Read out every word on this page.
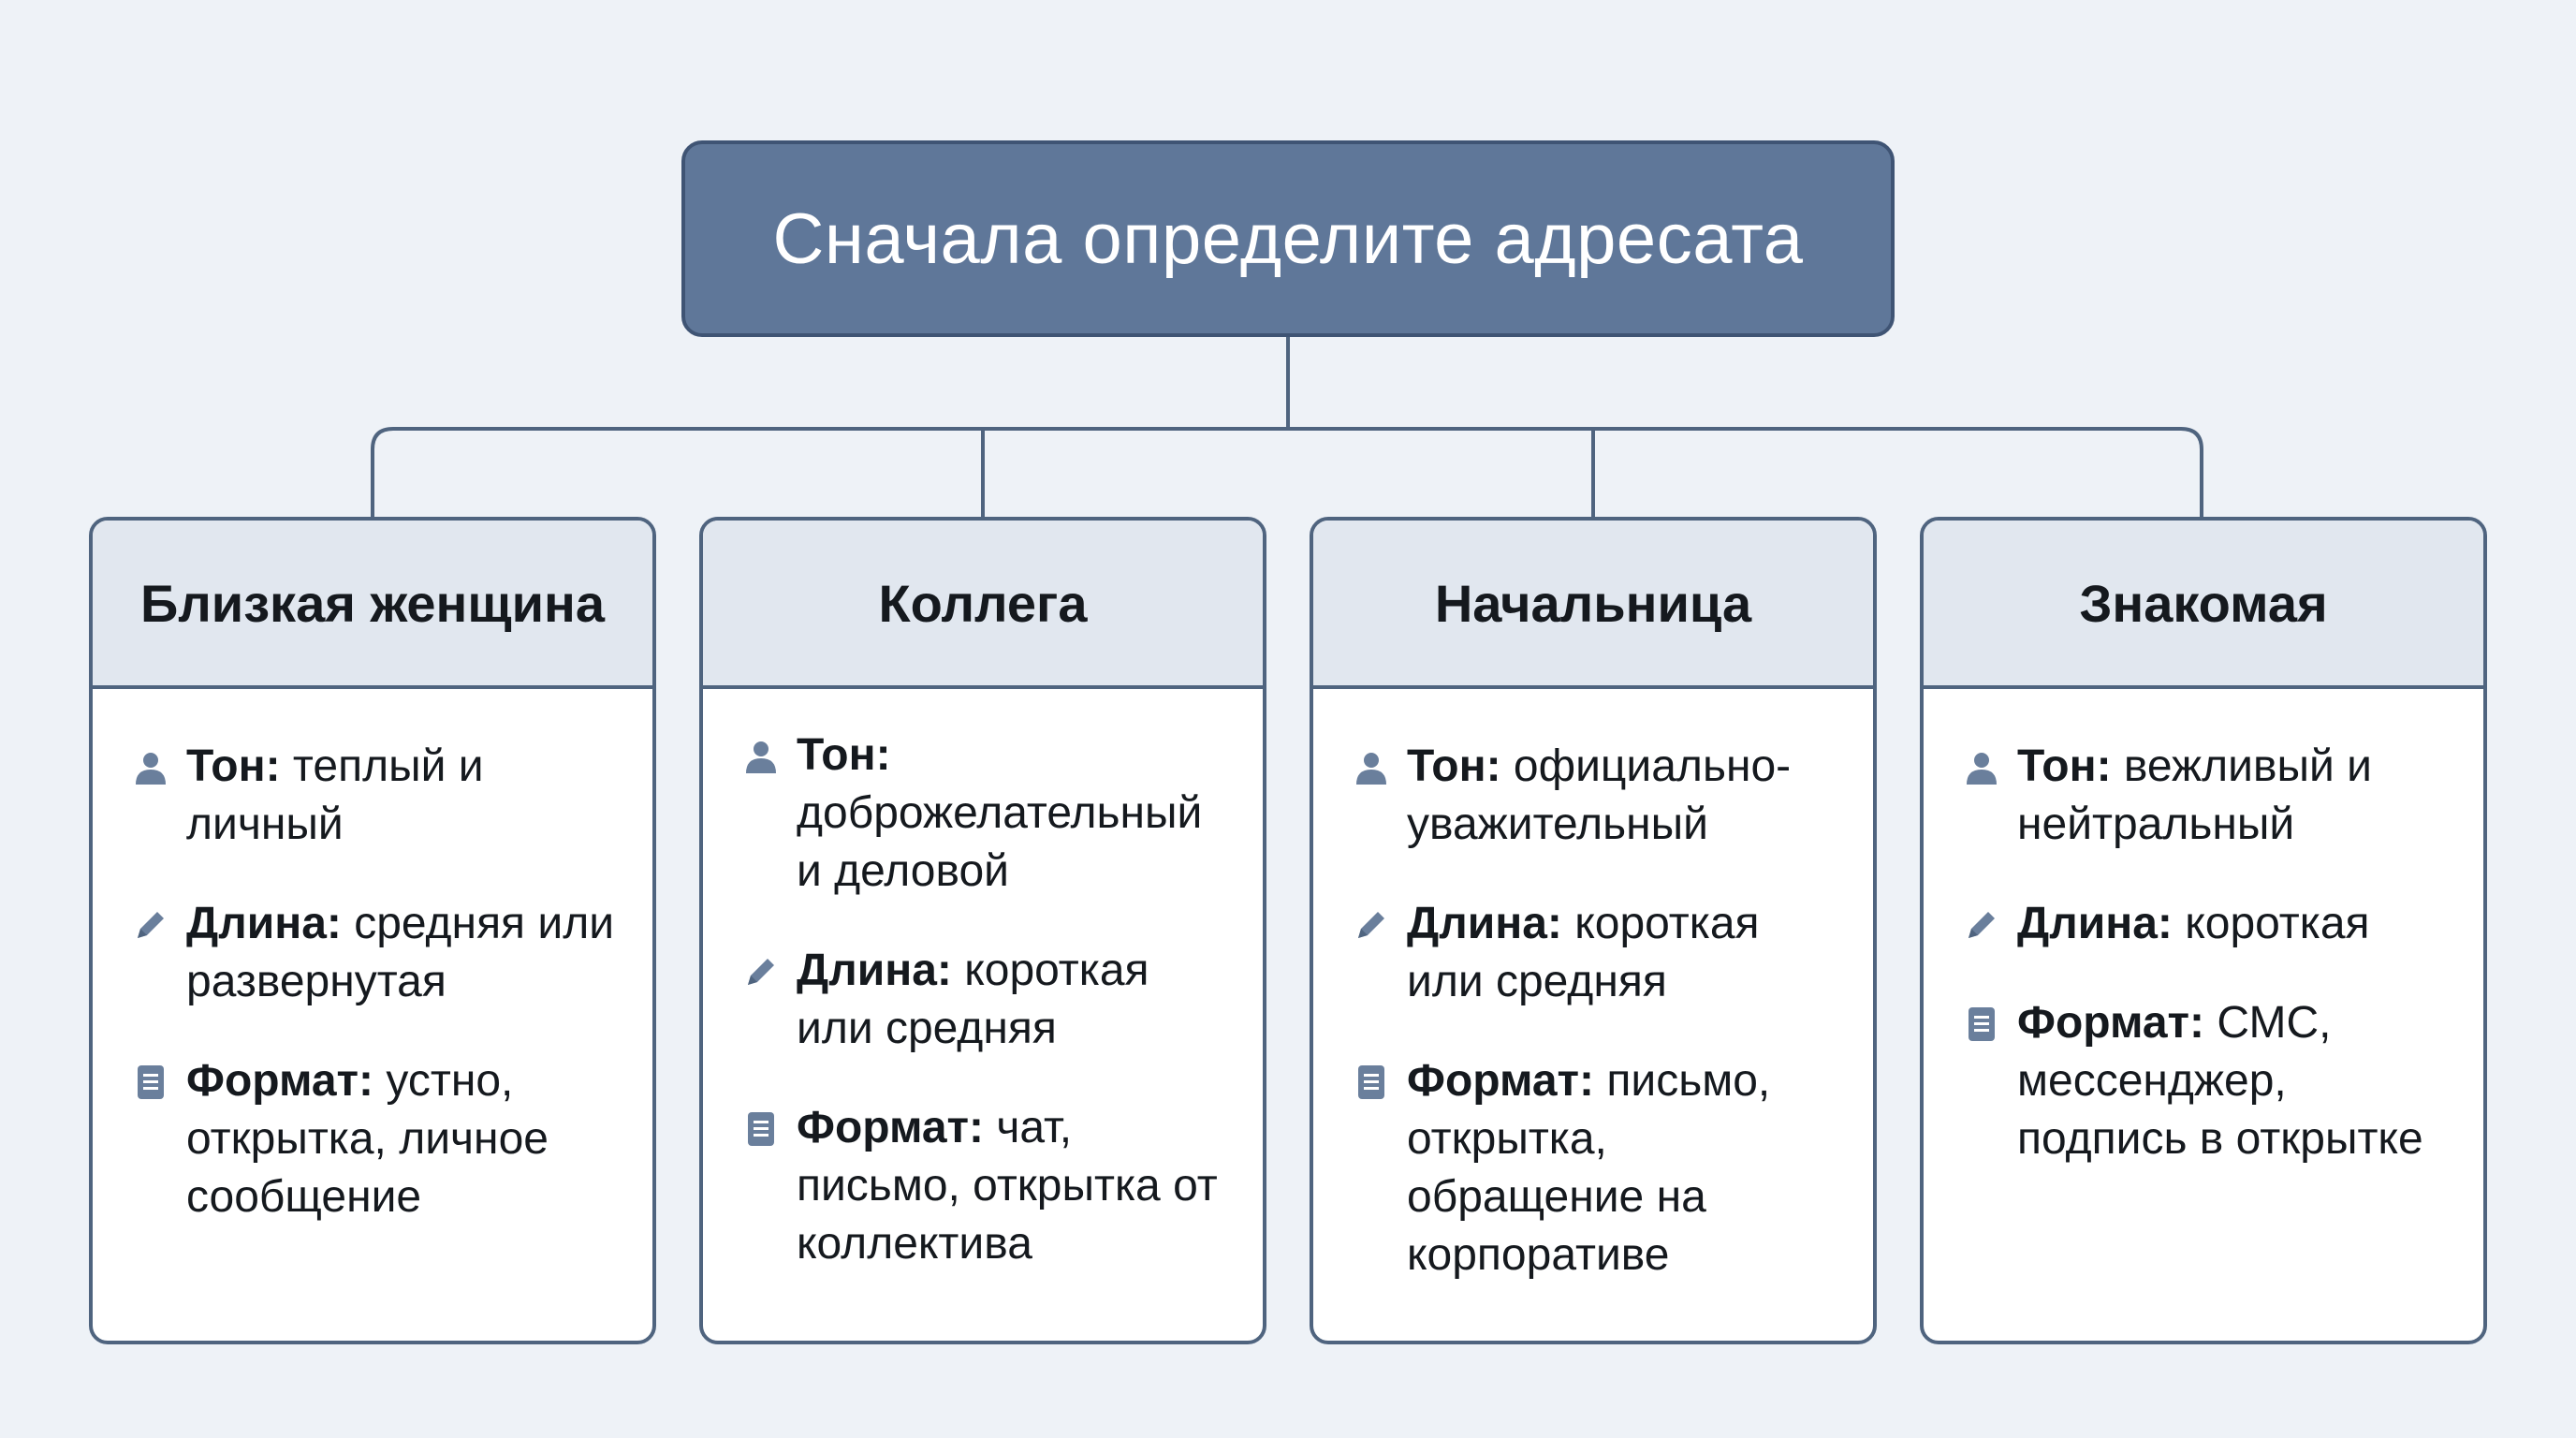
Сначала определите адресата
Близкая женщина
Тон: теплый и личный
Длина: средняя или развернутая
Формат: устно, открытка, личное сообщение
Коллега
Тон: доброжелательный и деловой
Длина: короткая или средняя
Формат: чат, письмо, открытка от коллектива
Начальница
Тон: официально-уважительный
Длина: короткая или средняя
Формат: письмо, открытка, обращение на корпоративе
Знакомая
Тон: вежливый и нейтральный
Длина: короткая
Формат: СМС, мессенджер, подпись в открытке
